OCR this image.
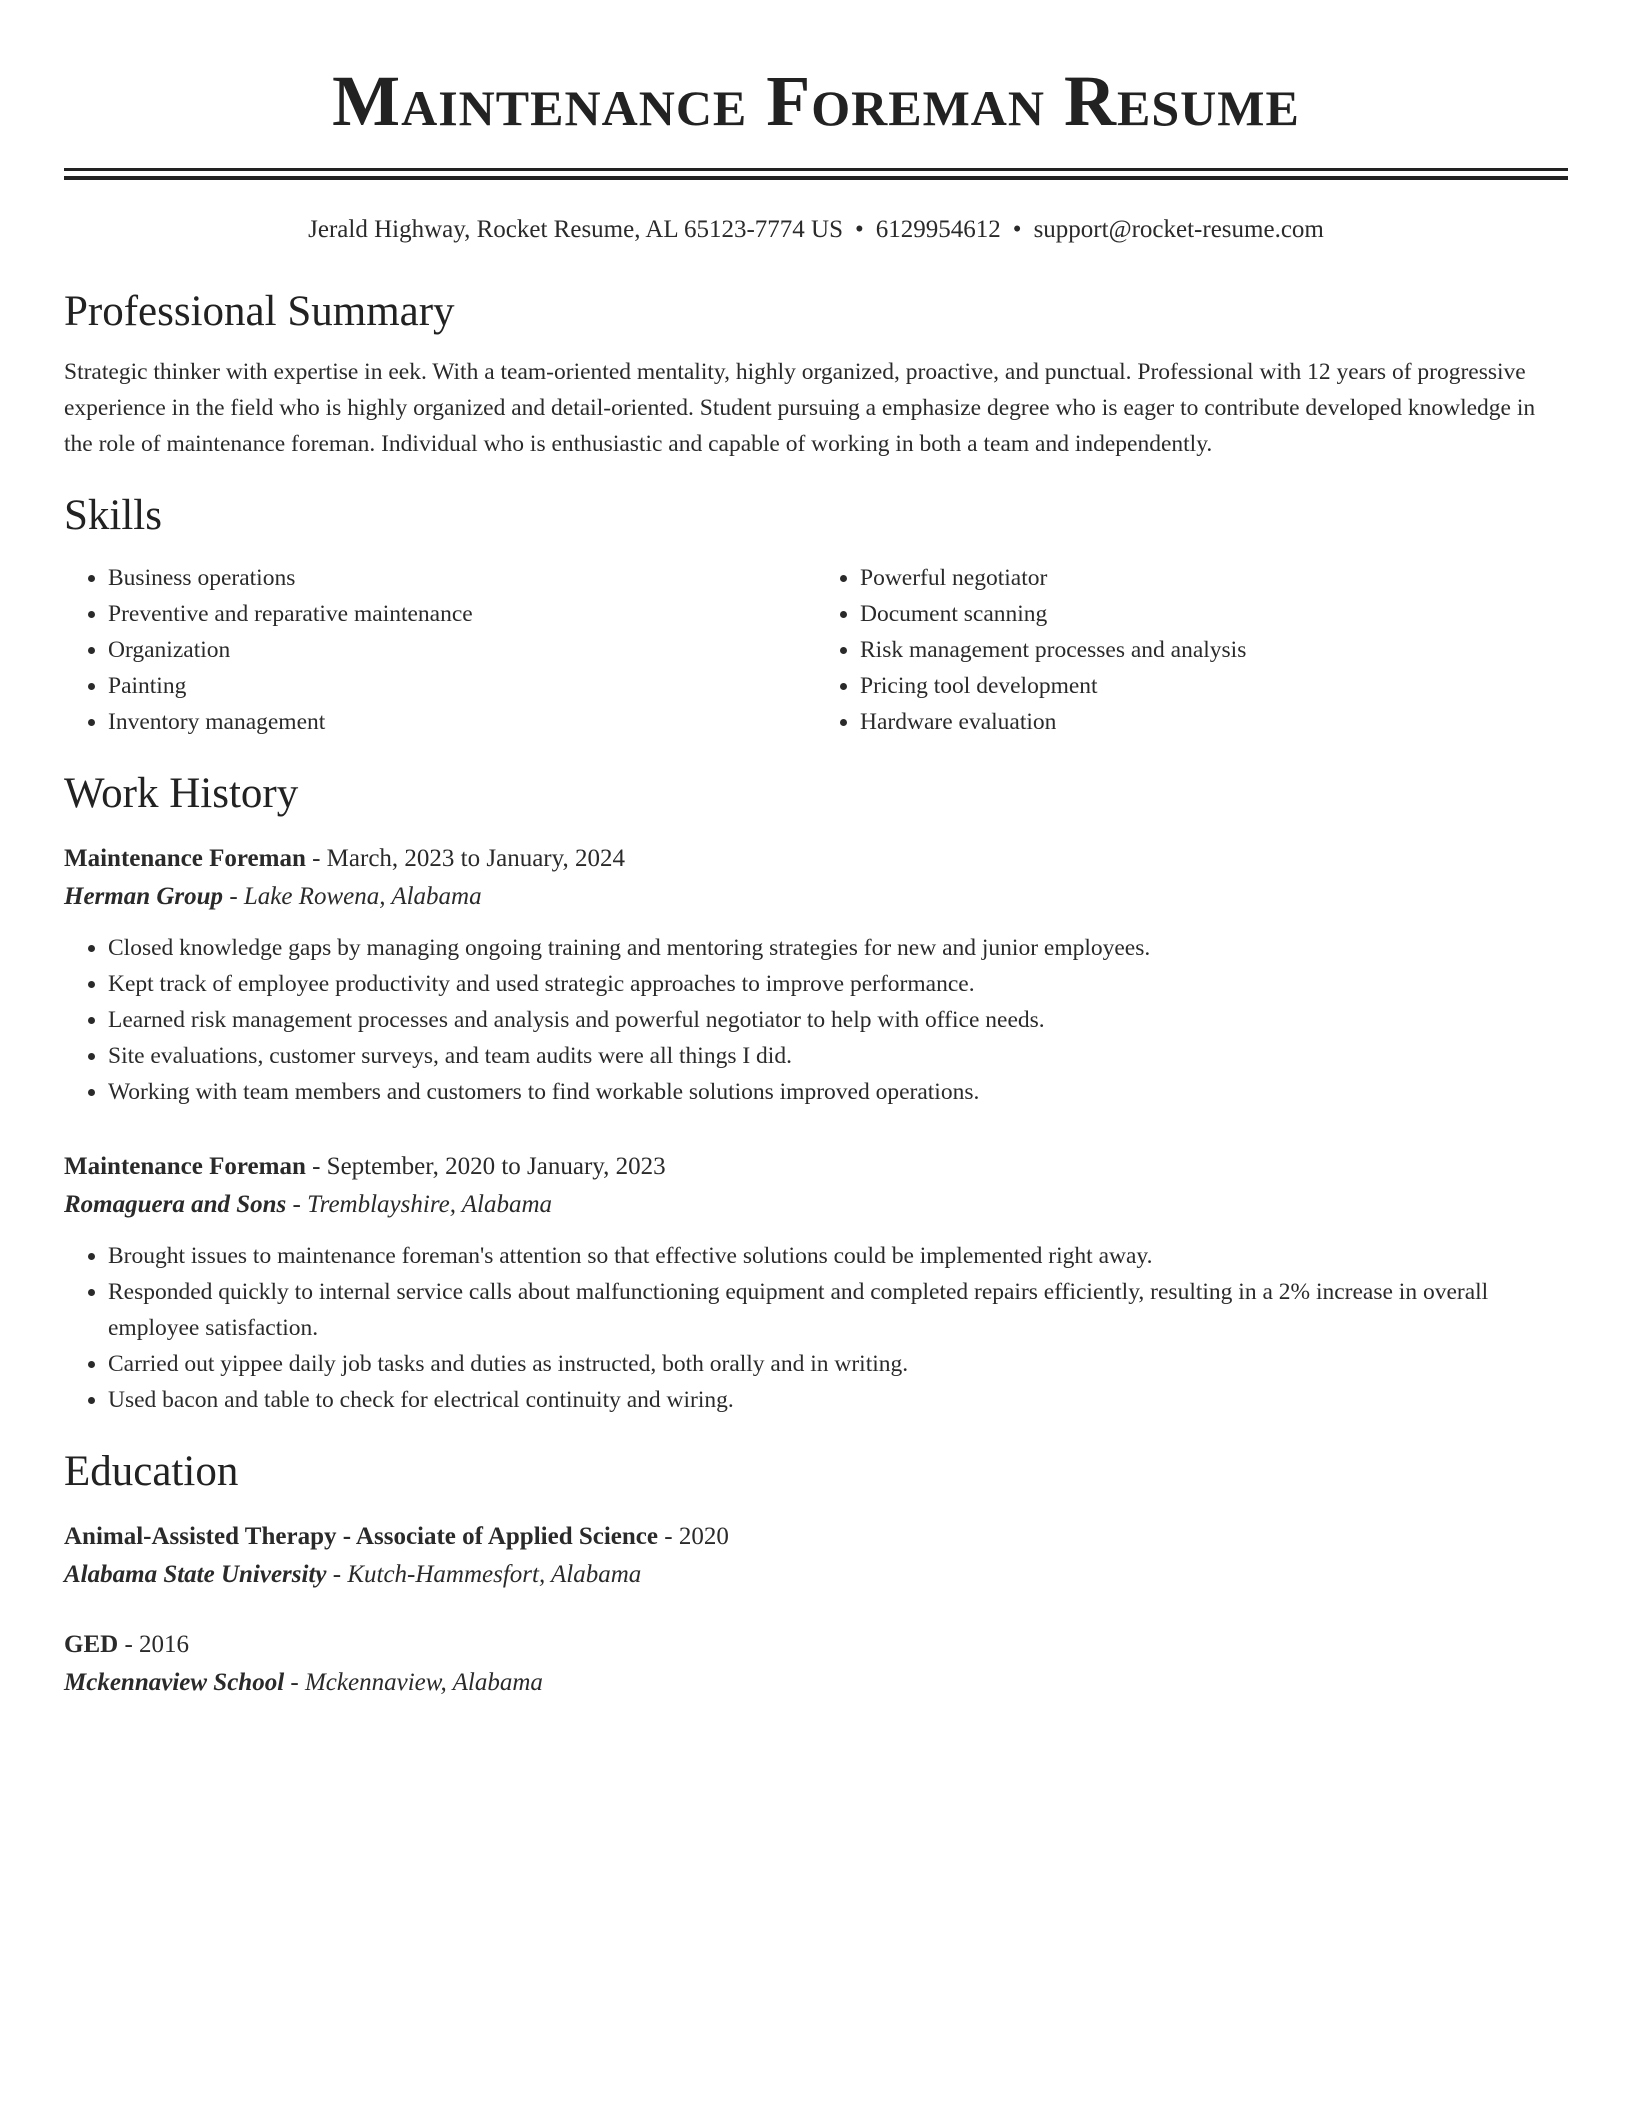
Maintenance Foreman Resume
Jerald Highway, Rocket Resume, AL 65123-7774 US • 6129954612 • support@rocket-resume.com
Professional Summary

Strategic thinker with expertise in eek. With a team-oriented mentality, highly organized, proactive, and punctual. Professional with 12 years of progressive experience in the field who is highly organized and detail-oriented. Student pursuing a emphasize degree who is eager to contribute developed knowledge in the role of maintenance foreman. Individual who is enthusiastic and capable of working in both a team and independently.

Skills
• Business operations
• Preventive and reparative maintenance
• Organization
• Painting
• Inventory management
• Powerful negotiator
• Document scanning
• Risk management processes and analysis
• Pricing tool development
• Hardware evaluation
Work History
Maintenance Foreman - March, 2023 to January, 2024
Herman Group - Lake Rowena, Alabama
• Closed knowledge gaps by managing ongoing training and mentoring strategies for new and junior employees.
• Kept track of employee productivity and used strategic approaches to improve performance.
• Learned risk management processes and analysis and powerful negotiator to help with office needs.
• Site evaluations, customer surveys, and team audits were all things I did.
• Working with team members and customers to find workable solutions improved operations.
Maintenance Foreman - September, 2020 to January, 2023
Romaguera and Sons - Tremblayshire, Alabama
• Brought issues to maintenance foreman's attention so that effective solutions could be implemented right away.
• Responded quickly to internal service calls about malfunctioning equipment and completed repairs efficiently, resulting in a 2% increase in overall employee satisfaction.
• Carried out yippee daily job tasks and duties as instructed, both orally and in writing.
• Used bacon and table to check for electrical continuity and wiring.
Education
Animal-Assisted Therapy - Associate of Applied Science - 2020
Alabama State University - Kutch-Hammesfort, Alabama
GED - 2016
Mckennaview School - Mckennaview, Alabama
